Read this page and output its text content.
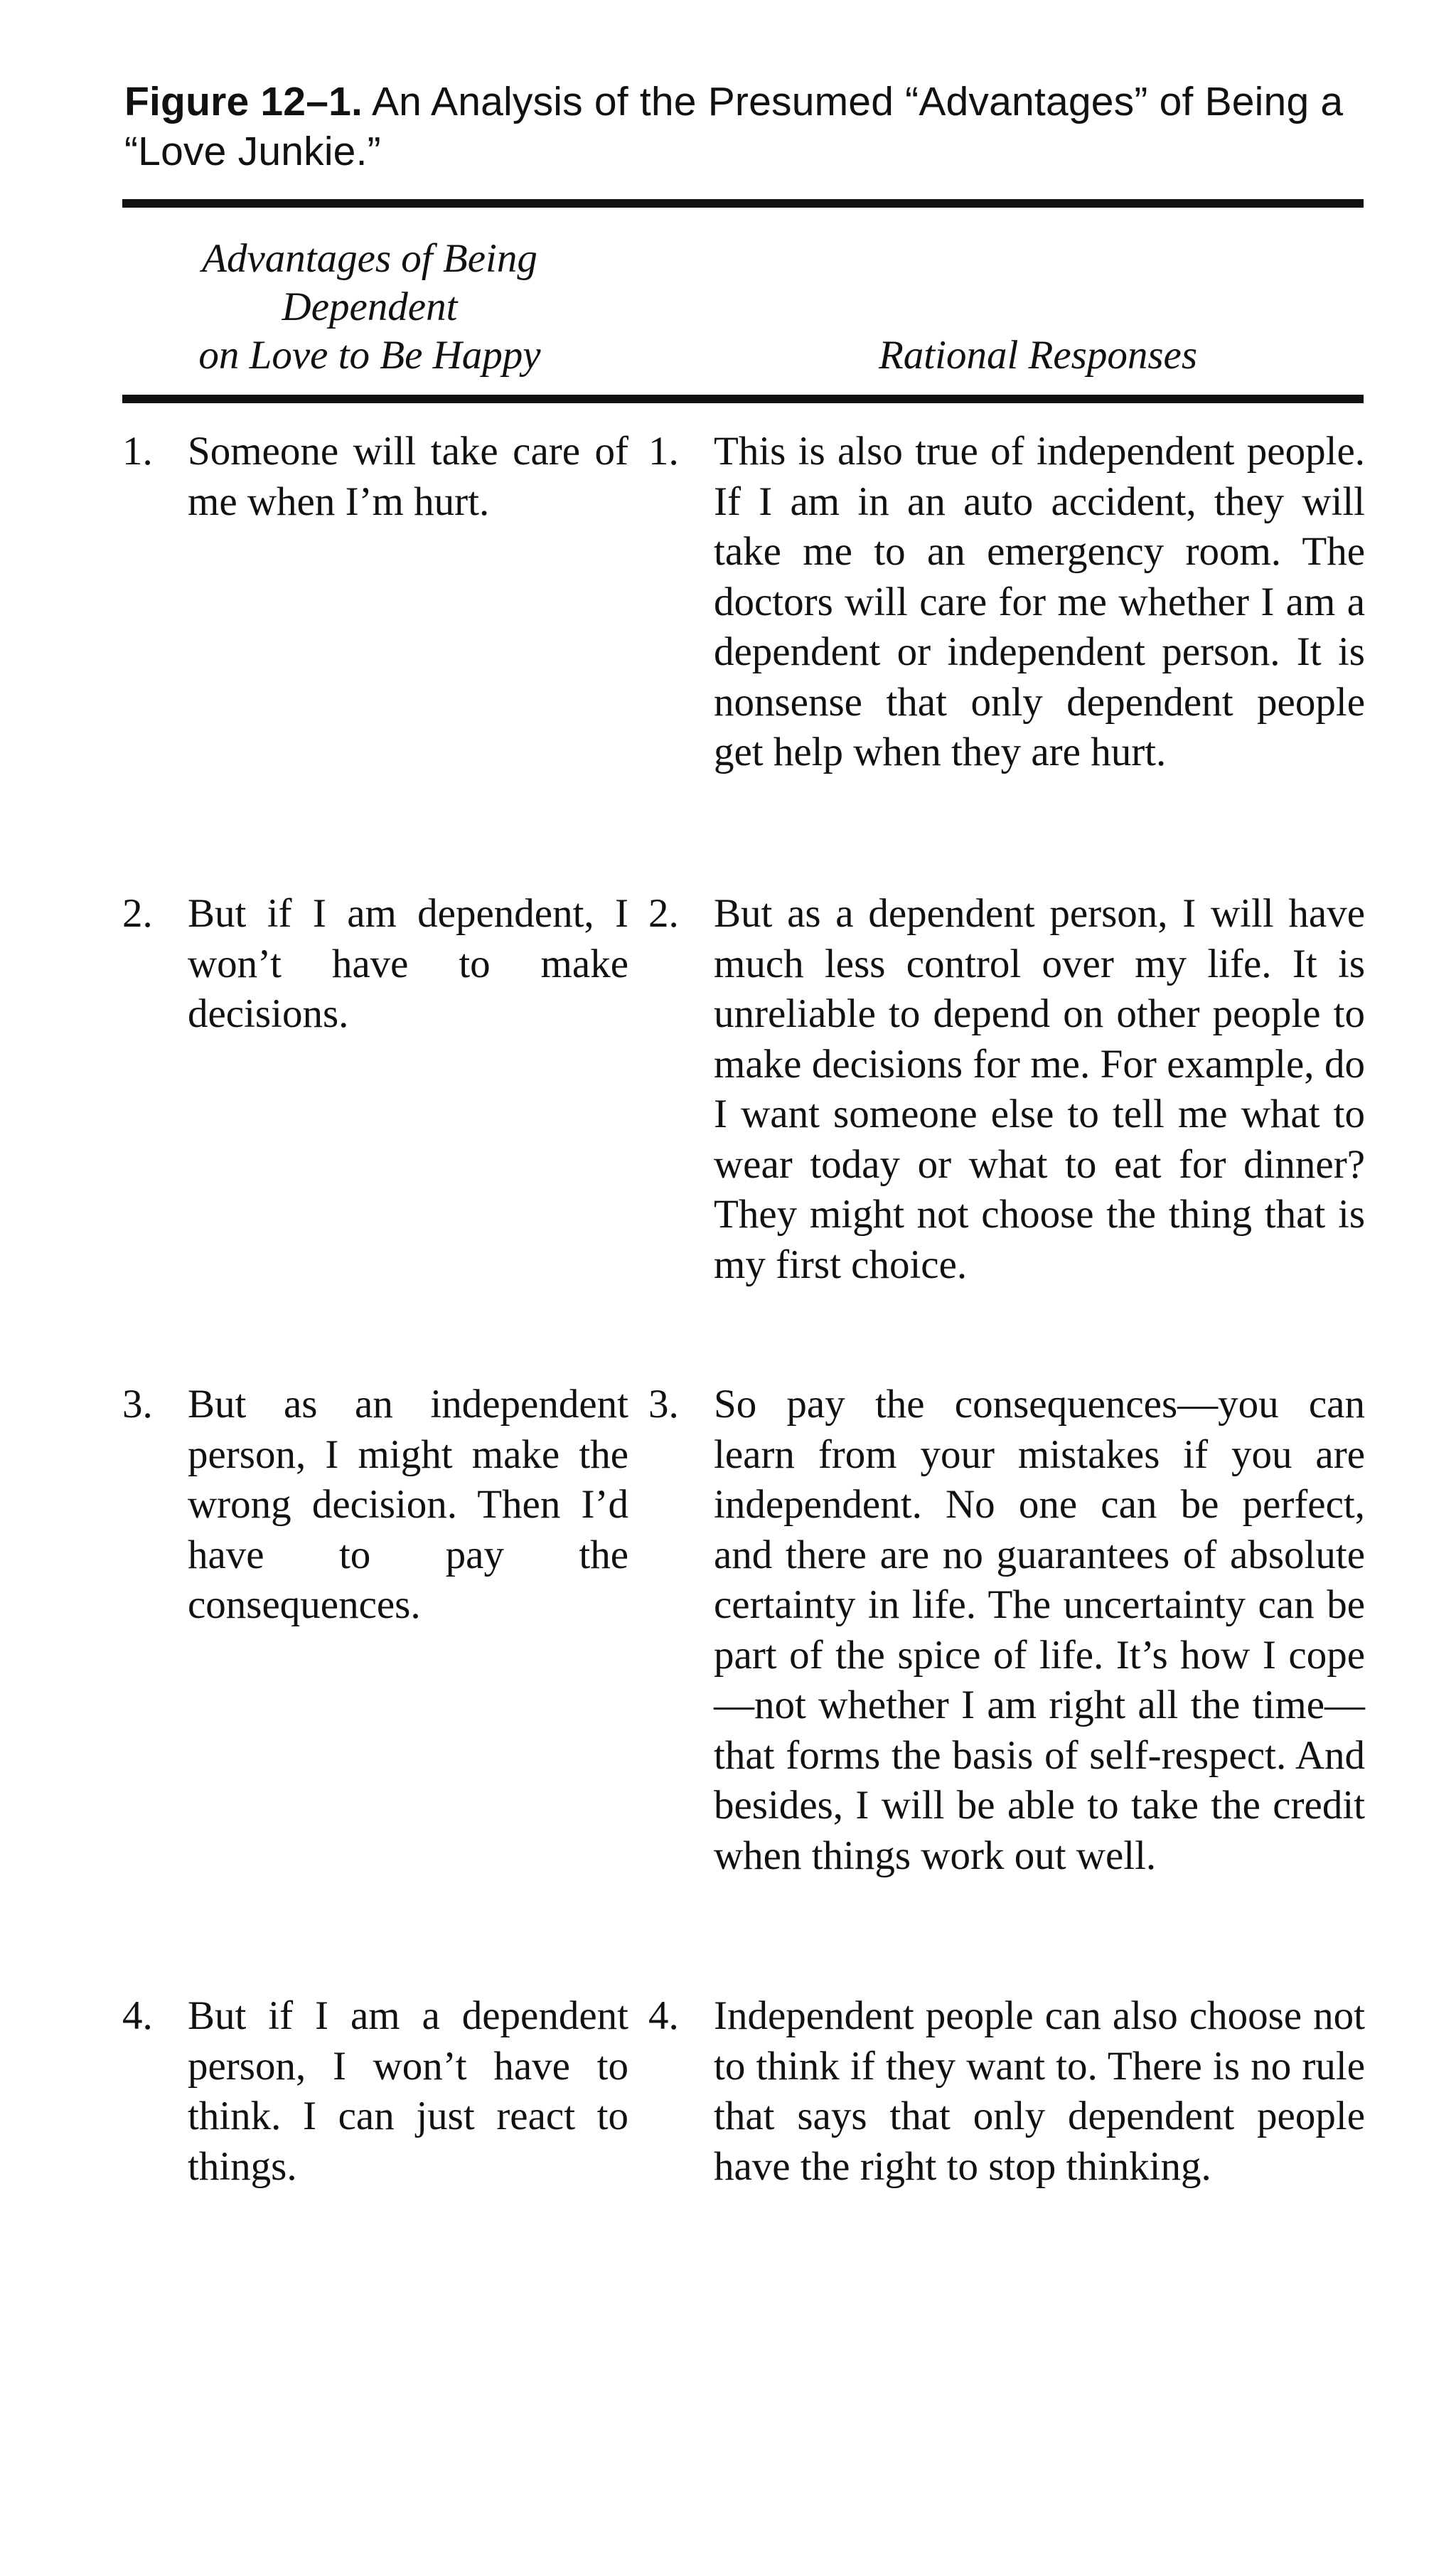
Figure 12–1. An Analysis of the Presumed “Advantages” of Being a “Love Junkie.”
Advantages of Being
Dependent
on Love to Be Happy	Rational Responses
1. Someone will take care of me when I’m hurt.
1. This is also true of independent people. If I am in an auto accident, they will take me to an emergency room. The doctors will care for me whether I am a dependent or independent person. It is nonsense that only dependent people get help when they are hurt.
2. But if I am dependent, I won’t have to make decisions.
2. But as a dependent person, I will have much less control over my life. It is unreliable to depend on other people to make decisions for me. For example, do I want someone else to tell me what to wear today or what to eat for dinner? They might not choose the thing that is my first choice.
3. But as an independent person, I might make the wrong decision. Then I’d have to pay the consequences.
3. So pay the consequences—you can learn from your mistakes if you are independent. No one can be perfect, and there are no guarantees of absolute certainty in life. The uncertainty can be part of the spice of life. It’s how I cope—not whether I am right all the time—that forms the basis of self-respect. And besides, I will be able to take the credit when things work out well.
4. But if I am a dependent person, I won’t have to think. I can just react to things.
4. Independent people can also choose not to think if they want to. There is no rule that says that only dependent people have the right to stop thinking.
